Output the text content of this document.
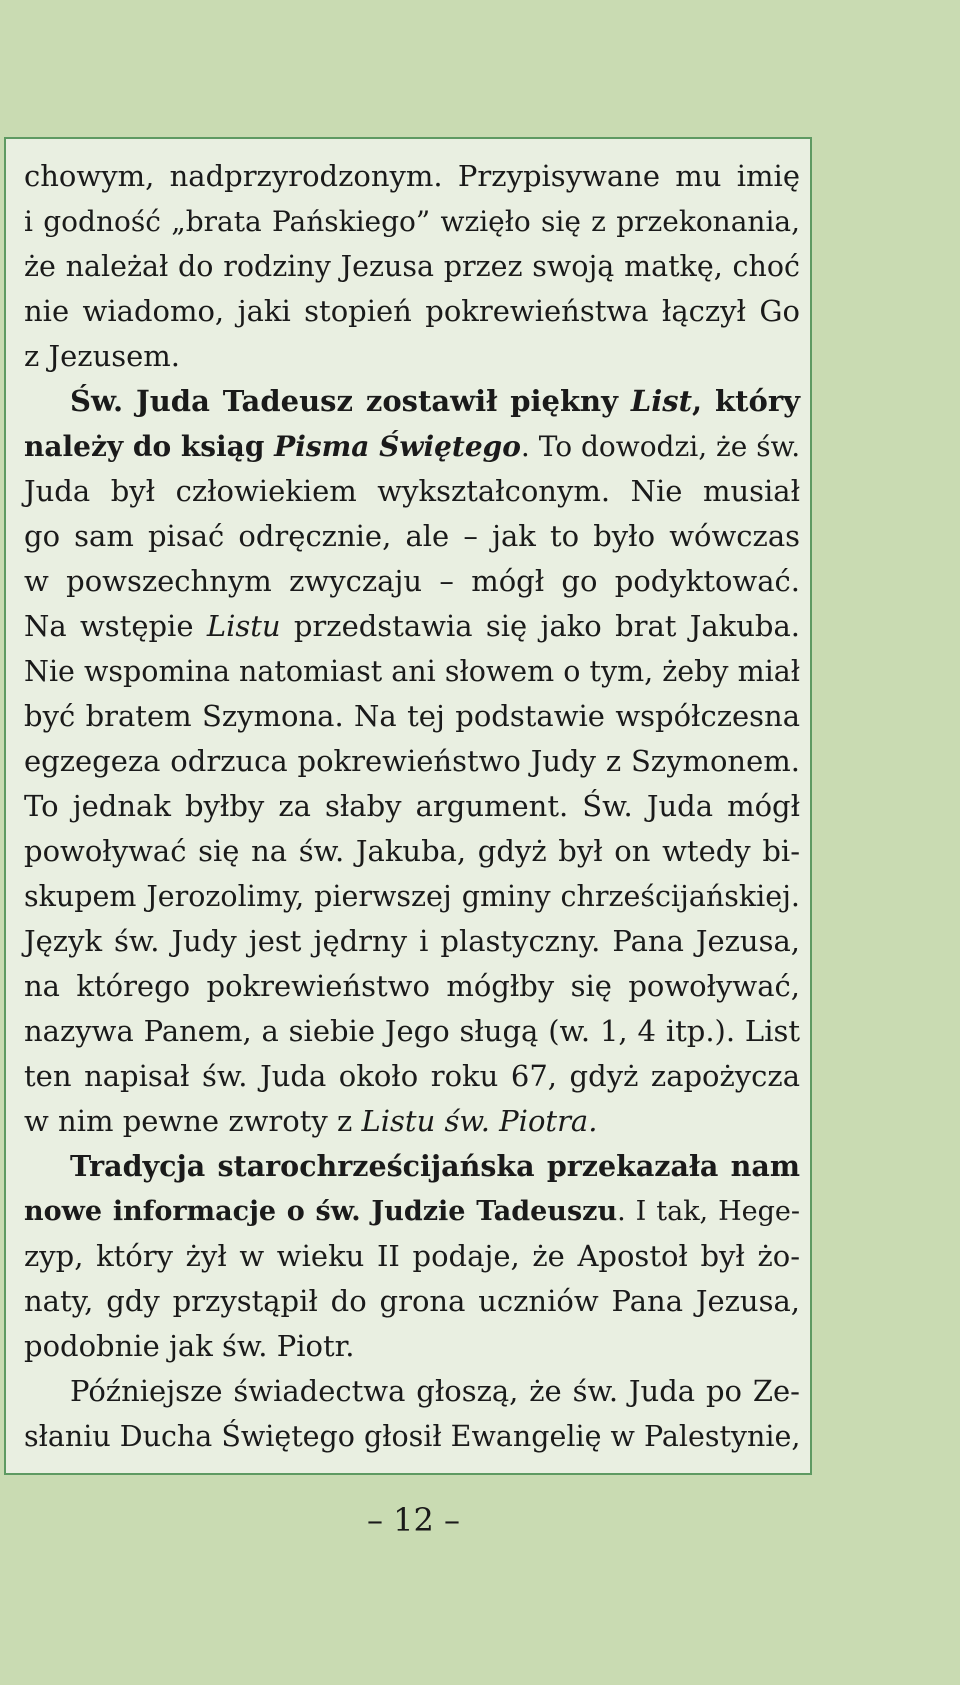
chowym, nadprzyrodzonym. Przypisywane mu imię
i godność „brata Pańskiego” wzięło się z przekonania,
że należał do rodziny Jezusa przez swoją matkę, choć
nie wiadomo, jaki stopień pokrewieństwa łączył Go
z Jezusem.
Św. Juda Tadeusz zostawił piękny List, który
należy do ksiąg Pisma Świętego. To dowodzi, że św.
Juda był człowiekiem wykształconym. Nie musiał
go sam pisać odręcznie, ale – jak to było wówczas
w powszechnym zwyczaju – mógł go podyktować.
Na wstępie Listu przedstawia się jako brat Jakuba.
Nie wspomina natomiast ani słowem o tym, żeby miał
być bratem Szymona. Na tej podstawie współczesna
egzegeza odrzuca pokrewieństwo Judy z Szymonem.
To jednak byłby za słaby argument. Św. Juda mógł
powoływać się na św. Jakuba, gdyż był on wtedy bi-
skupem Jerozolimy, pierwszej gminy chrześcijańskiej.
Język św. Judy jest jędrny i plastyczny. Pana Jezusa,
na którego pokrewieństwo mógłby się powoływać,
nazywa Panem, a siebie Jego sługą (w. 1, 4 itp.). List
ten napisał św. Juda około roku 67, gdyż zapożycza
w nim pewne zwroty z Listu św. Piotra.
Tradycja starochrześcijańska przekazała nam
nowe informacje o św. Judzie Tadeuszu. I tak, Hege-
zyp, który żył w wieku II podaje, że Apostoł był żo-
naty, gdy przystąpił do grona uczniów Pana Jezusa,
podobnie jak św. Piotr.
Późniejsze świadectwa głoszą, że św. Juda po Ze-
słaniu Ducha Świętego głosił Ewangelię w Palestynie,
– 12 –
